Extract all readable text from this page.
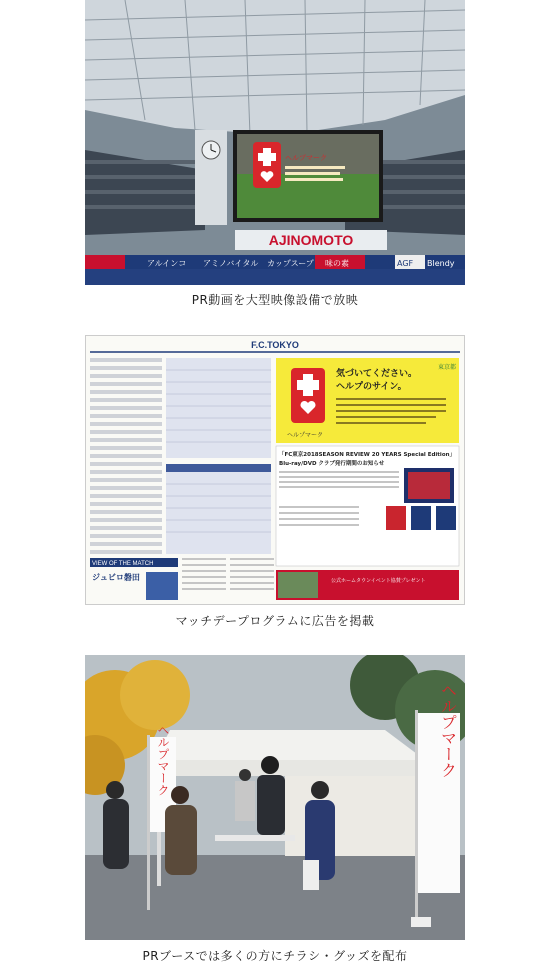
ヘルプマーク
AJINOMOTO
アルインコ アミノバイタル カップスープ 味の素	AGF Blendy
PR動画を大型映像設備で放映
F.C.TOKYO
ヘルプマーク
気づいてください。
ヘルプのサイン。
東京都
「FC東京2018SEASON REVIEW 20 YEARS Special Edition」
Blu-ray/DVD クラブ発行期間のお知らせ
公式ホームタウンイベント協賛プレゼント
VIEW OF THE MATCH
ジュビロ磐田
マッチデープログラムに広告を掲載
ヘルプマーク	ヘルプマーク
PRブースでは多くの方にチラシ・グッズを配布
